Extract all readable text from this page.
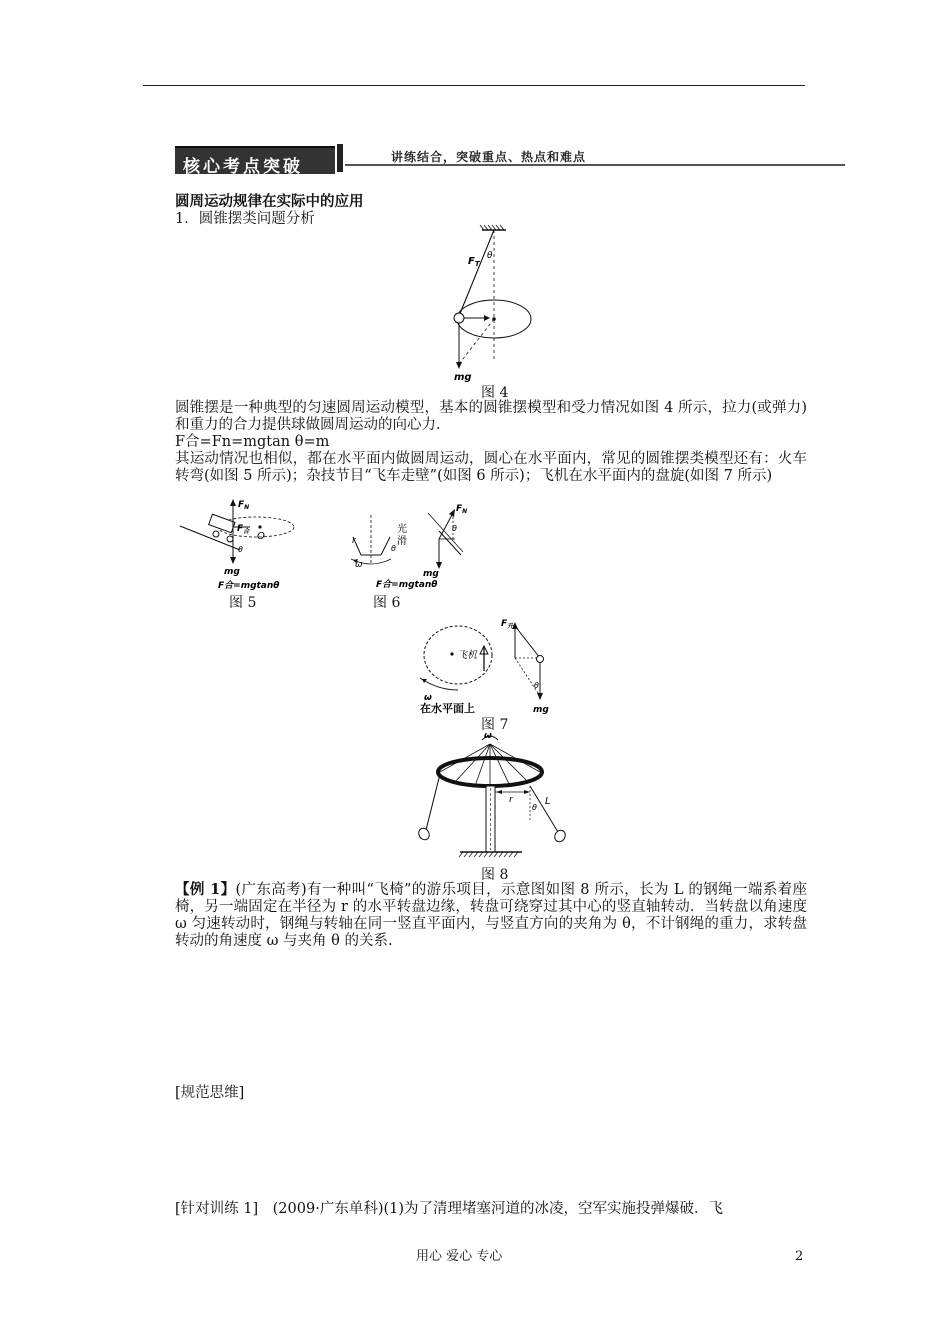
核心考点突破	讲练结合，突破重点、热点和难点
圆周运动规律在实际中的应用
1．圆锥摆类问题分析
$F_T$
θ
mg
图 4
圆锥摆是一种典型的匀速圆周运动模型，基本的圆锥摆模型和受力情况如图 4 所示，拉力(或弹力)和重力的合力提供球做圆周运动的向心力.
F合=Fn=mgtan θ=m
其运动情况也相似，都在水平面内做圆周运动，圆心在水平面内，常见的圆锥摆类模型还有：火车转弯(如图 5 所示)；杂技节目“飞车走壁”(如图 6 所示)；飞机在水平面内的盘旋(如图 7 所示)
$F_N$
$F_合$ O
θ
mg
F合=mgtanθ
图 5
r
光
滑
θ
ω
$F_N$
θ
mg
F合=mgtanθ
图 6
飞机
ω
在水平面上
$F_升$
θ
mg
图 7
ω
r
θ
L
图 8
【例 1】(广东高考)有一种叫“飞椅”的游乐项目，示意图如图 8 所示，长为 L 的钢绳一端系着座椅，另一端固定在半径为 r 的水平转盘边缘，转盘可绕穿过其中心的竖直轴转动．当转盘以角速度 ω 匀速转动时，钢绳与转轴在同一竖直平面内，与竖直方向的夹角为 θ，不计钢绳的重力，求转盘转动的角速度 ω 与夹角 θ 的关系.
[规范思维]
[针对训练 1]　(2009·广东单科)(1)为了清理堵塞河道的冰凌，空军实施投弹爆破．飞
用心 爱心 专心	2
